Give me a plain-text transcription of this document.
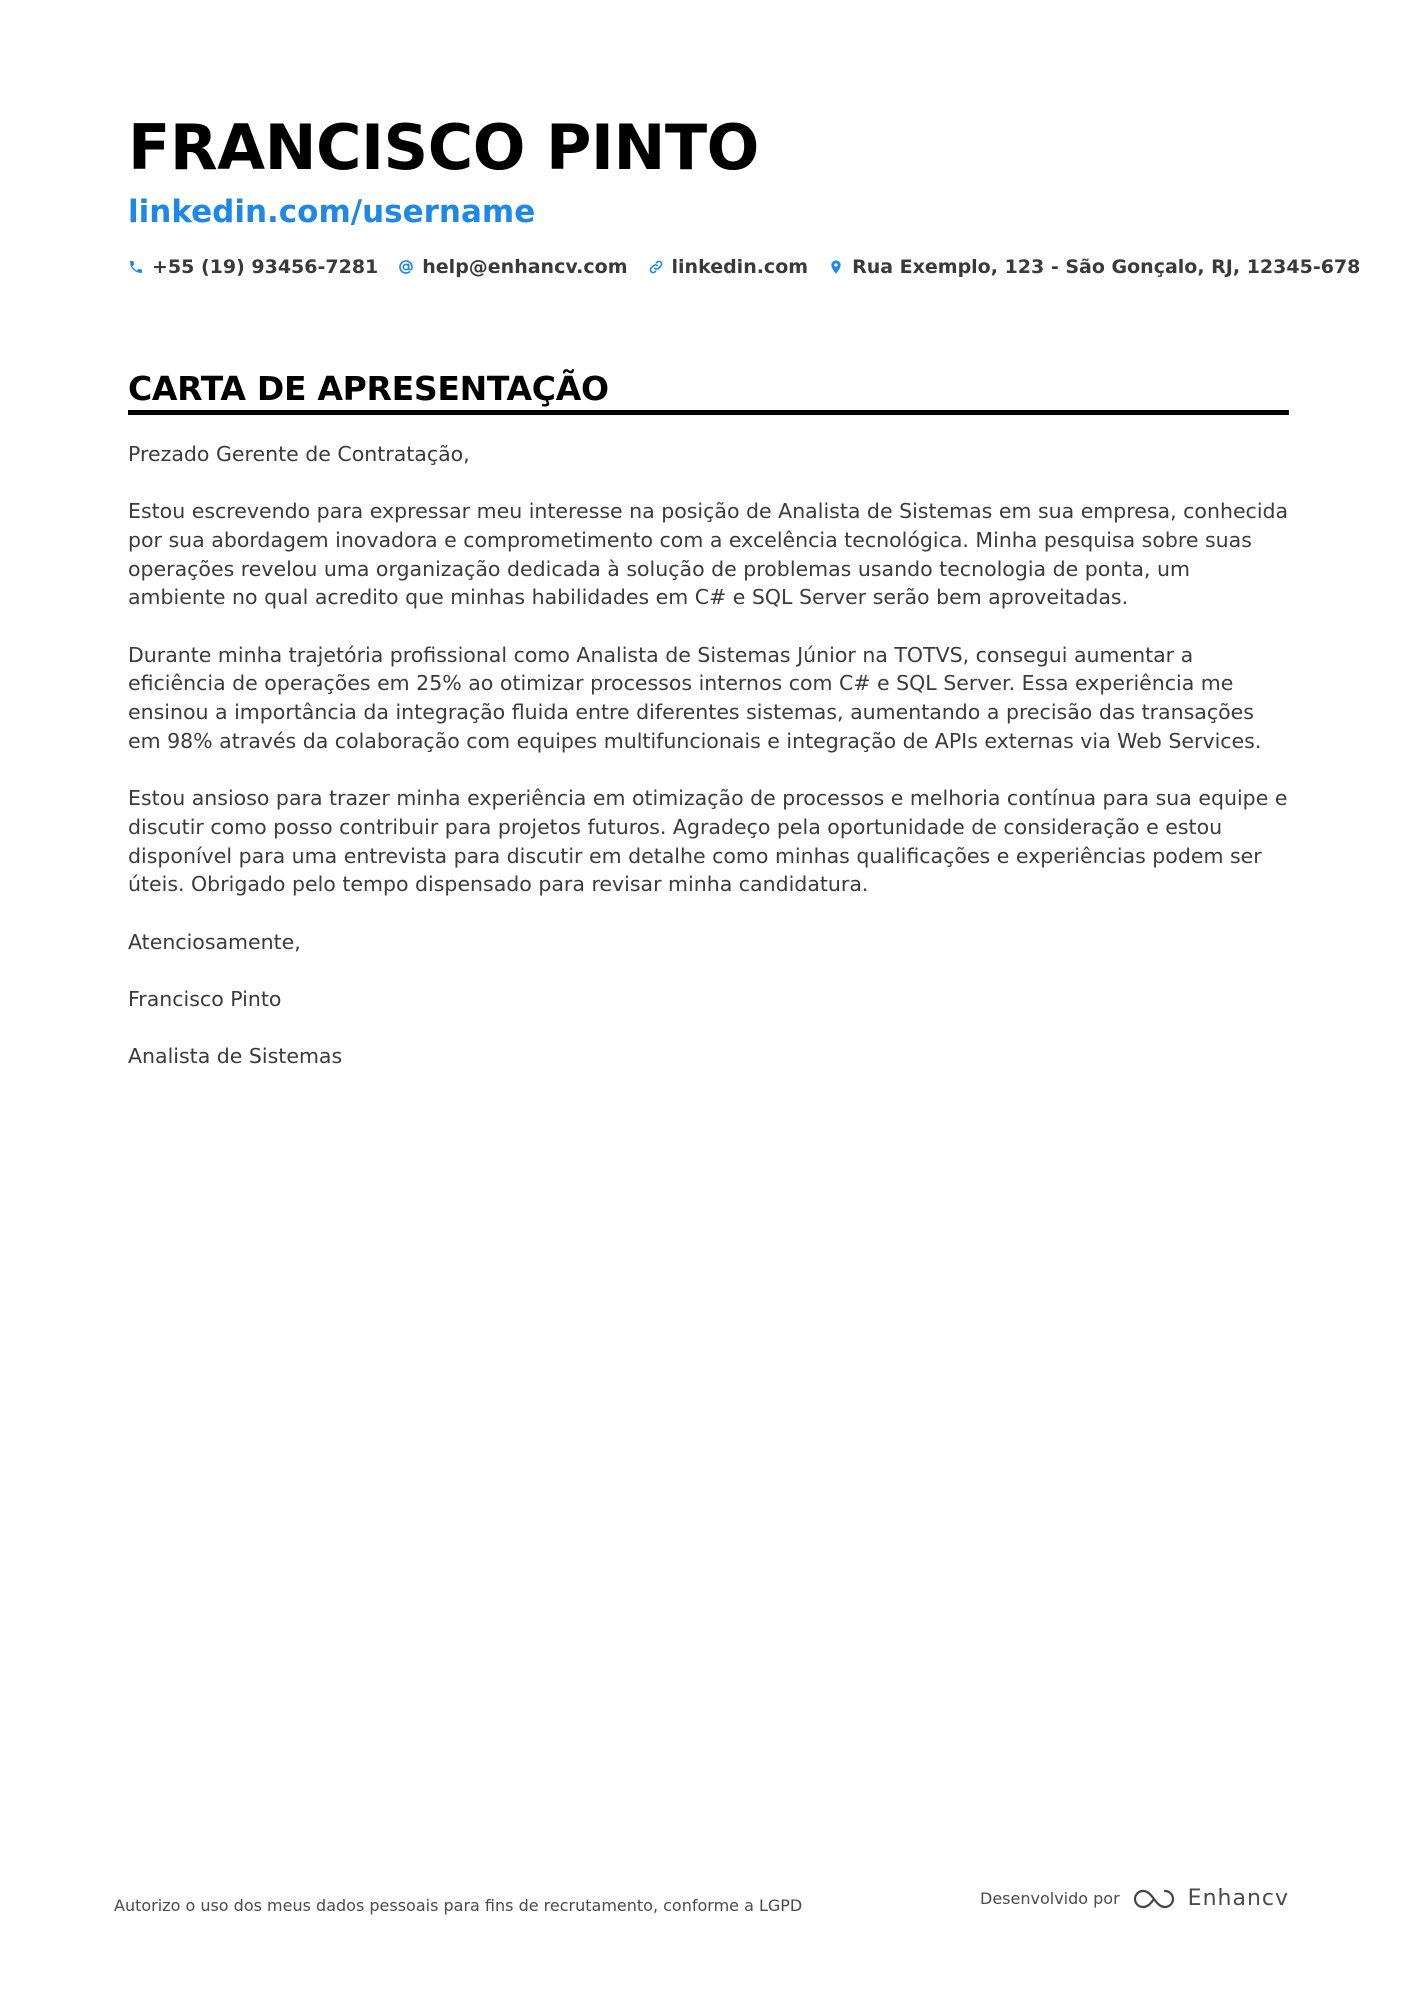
FRANCISCO PINTO
linkedin.com/username
+55 (19) 93456-7281 help@enhancv.com linkedin.com Rua Exemplo, 123 - São Gonçalo, RJ, 12345-678
CARTA DE APRESENTAÇÃO

Prezado Gerente de Contratação,

Estou escrevendo para expressar meu interesse na posição de Analista de Sistemas em sua empresa, conhecida por sua abordagem inovadora e comprometimento com a excelência tecnológica. Minha pesquisa sobre suas operações revelou uma organização dedicada à solução de problemas usando tecnologia de ponta, um ambiente no qual acredito que minhas habilidades em C# e SQL Server serão bem aproveitadas.

Durante minha trajetória profissional como Analista de Sistemas Júnior na TOTVS, consegui aumentar a eficiência de operações em 25% ao otimizar processos internos com C# e SQL Server. Essa experiência me ensinou a importância da integração fluida entre diferentes sistemas, aumentando a precisão das transações em 98% através da colaboração com equipes multifuncionais e integração de APIs externas via Web Services.

Estou ansioso para trazer minha experiência em otimização de processos e melhoria contínua para sua equipe e discutir como posso contribuir para projetos futuros. Agradeço pela oportunidade de consideração e estou disponível para uma entrevista para discutir em detalhe como minhas qualificações e experiências podem ser úteis. Obrigado pelo tempo dispensado para revisar minha candidatura.

Atenciosamente,

Francisco Pinto

Analista de Sistemas

Autorizo o uso dos meus dados pessoais para fins de recrutamento, conforme a LGPD	Desenvolvido por	Enhancv
